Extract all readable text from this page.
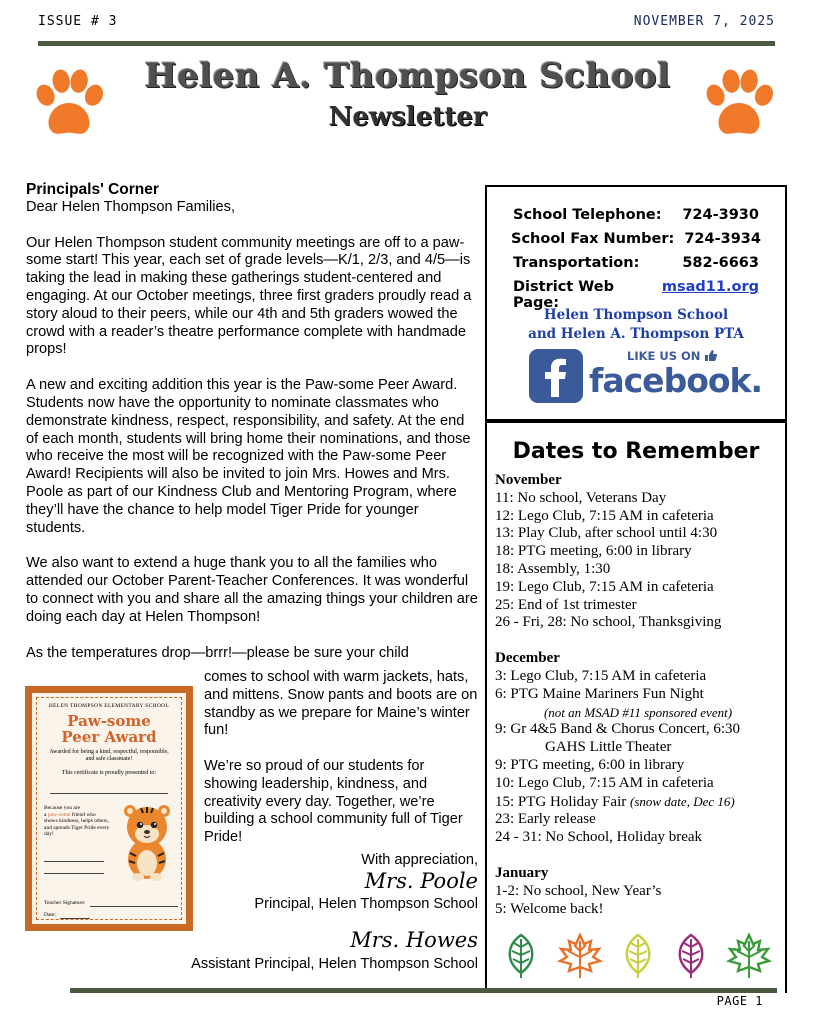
ISSUE # 3	NOVEMBER 7, 2025
Helen A. Thompson School
Newsletter
Principals' Corner
Dear Helen Thompson Families,

Our Helen Thompson student community meetings are off to a paw-some start! This year, each set of grade levels—K/1, 2/3, and 4/5—is taking the lead in making these gatherings student-centered and engaging. At our October meetings, three first graders proudly read a story aloud to their peers, while our 4th and 5th graders wowed the crowd with a reader’s theatre performance complete with handmade props!

A new and exciting addition this year is the Paw-some Peer Award. Students now have the opportunity to nominate classmates who demonstrate kindness, respect, responsibility, and safety. At the end of each month, students will bring home their nominations, and those who receive the most will be recognized with the Paw-some Peer Award! Recipients will also be invited to join Mrs. Howes and Mrs. Poole as part of our Kindness Club and Mentoring Program, where they’ll have the chance to help model Tiger Pride for younger students.

We also want to extend a huge thank you to all the families who attended our October Parent-Teacher Conferences. It was wonderful to connect with you and share all the amazing things your children are doing each day at Helen Thompson!

As the temperatures drop—brrr!—please be sure your child
comes to school with warm jackets, hats, and mittens. Snow pants and boots are on standby as we prepare for Maine’s winter fun!
We’re so proud of our students for showing leadership, kindness, and creativity every day. Together, we’re building a school community full of Tiger Pride!
With appreciation,
Mrs. Poole
Principal, Helen Thompson School
Mrs. Howes
Assistant Principal, Helen Thompson School
HELEN THOMPSON ELEMENTARY SCHOOL
Paw-some
Peer Award
Awarded for being a kind, respectful, responsible, and safe classmate!
This certificate is proudly presented to:
Because you are
a paw-some friend who shows kindness, helps others, and spreads Tiger Pride every day!
Teacher Signature:
Date:
School Telephone:	724-3930
School Fax Number: 724-3934
Transportation:	582-6663
District Web Page:
msad11.org
Helen Thompson School
and Helen A. Thompson PTA
LIKE US ON
facebook.
Dates to Remember
November
11: No school, Veterans Day
12: Lego Club, 7:15 AM in cafeteria
13: Play Club, after school until 4:30
18: PTG meeting, 6:00 in library
18: Assembly, 1:30
19: Lego Club, 7:15 AM in cafeteria
25: End of 1st trimester
26 - Fri, 28: No school, Thanksgiving
December
3: Lego Club, 7:15 AM in cafeteria
6: PTG Maine Mariners Fun Night
(not an MSAD #11 sponsored event)
9: Gr 4&5 Band & Chorus Concert, 6:30
GAHS Little Theater
9: PTG meeting, 6:00 in library
10: Lego Club, 7:15 AM in cafeteria
15: PTG Holiday Fair (snow date, Dec 16)
23: Early release
24 - 31: No School, Holiday break
January
1-2: No school, New Year’s
5: Welcome back!
PAGE 1
